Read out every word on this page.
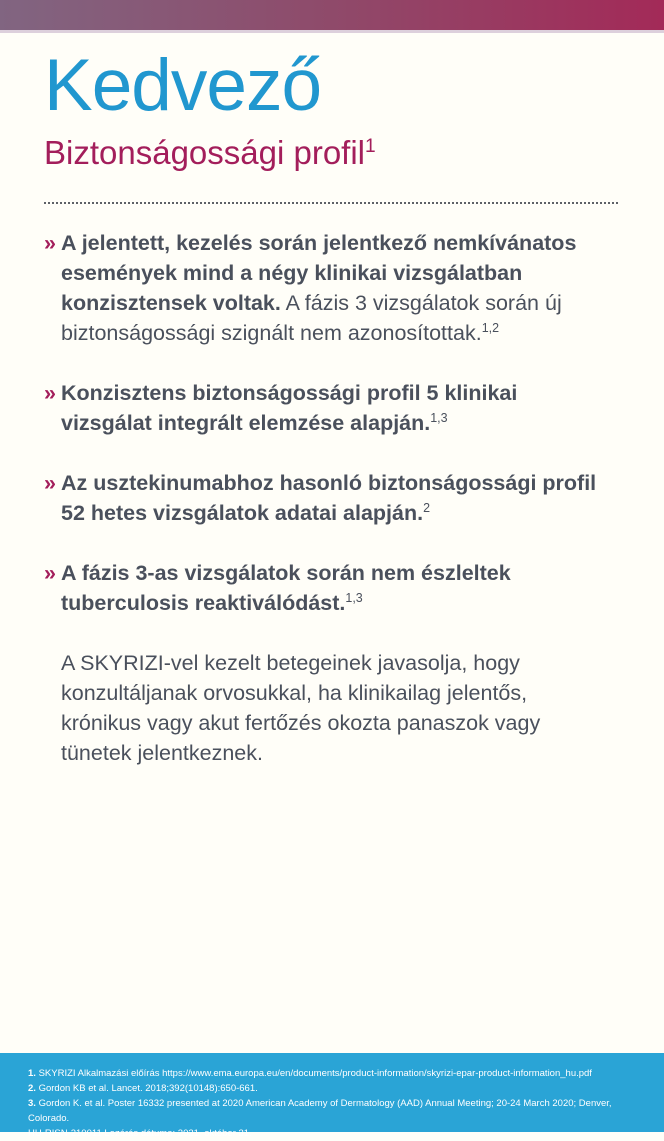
Kedvező
Biztonságossági profil$^1$
» A jelentett, kezelés során jelentkező nemkívánatos események mind a négy klinikai vizsgálatban konzisztensek voltak. A fázis 3 vizsgálatok során új biztonságossági szignált nem azonosítottak.$^{1,2}$
» Konzisztens biztonságossági profil 5 klinikai vizsgálat integrált elemzése alapján.$^{1,3}$
» Az usztekinumabhoz hasonló biztonságossági profil 52 hetes vizsgálatok adatai alapján.$^2$
» A fázis 3-as vizsgálatok során nem észleltek tuberculosis reaktiválódást.$^{1,3}$

A SKYRIZI-vel kezelt betegeinek javasolja, hogy konzultáljanak orvosukkal, ha klinikailag jelentős, krónikus vagy akut fertőzés okozta panaszok vagy tünetek jelentkeznek.

1. SKYRIZI Alkalmazási előírás https://www.ema.europa.eu/en/documents/product-information/skyrizi-epar-product-information_hu.pdf
2. Gordon KB et al. Lancet. 2018;392(10148):650-661.
3. Gordon K. et al. Poster 16332 presented at 2020 American Academy of Dermatology (AAD) Annual Meeting; 20-24 March 2020; Denver, Colorado.
HU-RISN-210011 Lezárás dátuma: 2021. október 31.
